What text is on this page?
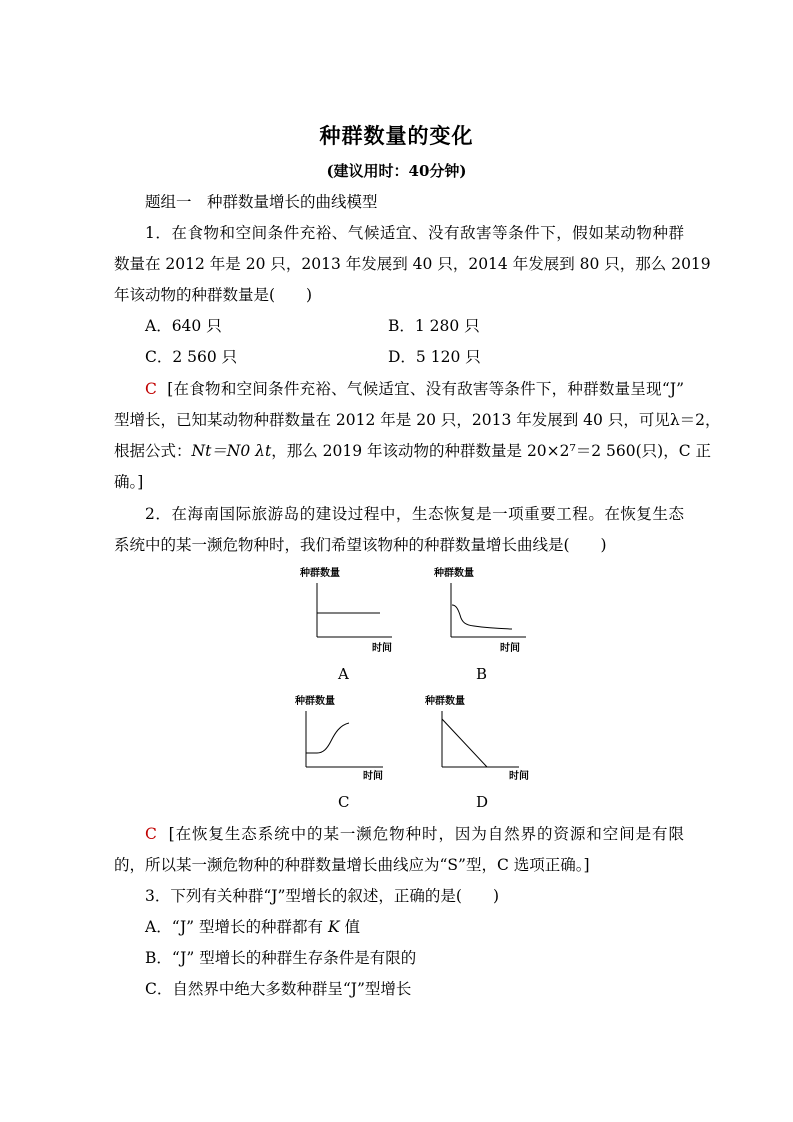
种群数量的变化
(建议用时：40分钟)
题组一　种群数量增长的曲线模型
1．在食物和空间条件充裕、气候适宜、没有敌害等条件下，假如某动物种群
数量在 2012 年是 20 只，2013 年发展到 40 只，2014 年发展到 80 只，那么 2019
年该动物的种群数量是(　　)
A．640 只	B．1 280 只
C．2 560 只	D．5 120 只
C [在食物和空间条件充裕、气候适宜、没有敌害等条件下，种群数量呈现“J”
型增长，已知某动物种群数量在 2012 年是 20 只，2013 年发展到 40 只，可见λ＝2，
根据公式：Nt＝N0 λt，那么 2019 年该动物的种群数量是 20×2⁷＝2 560(只)，C 正
确。]
2．在海南国际旅游岛的建设过程中，生态恢复是一项重要工程。在恢复生态
系统中的某一濒危物种时，我们希望该物种的种群数量增长曲线是(　　)
种群数量
时间
A
种群数量
时间
B
种群数量
时间
C
种群数量
时间
D
C [在恢复生态系统中的某一濒危物种时，因为自然界的资源和空间是有限
的，所以某一濒危物种的种群数量增长曲线应为“S”型，C 选项正确。]
3．下列有关种群“J”型增长的叙述，正确的是(　　)
A．“J” 型增长的种群都有 K 值
B．“J” 型增长的种群生存条件是有限的
C．自然界中绝大多数种群呈“J”型增长
